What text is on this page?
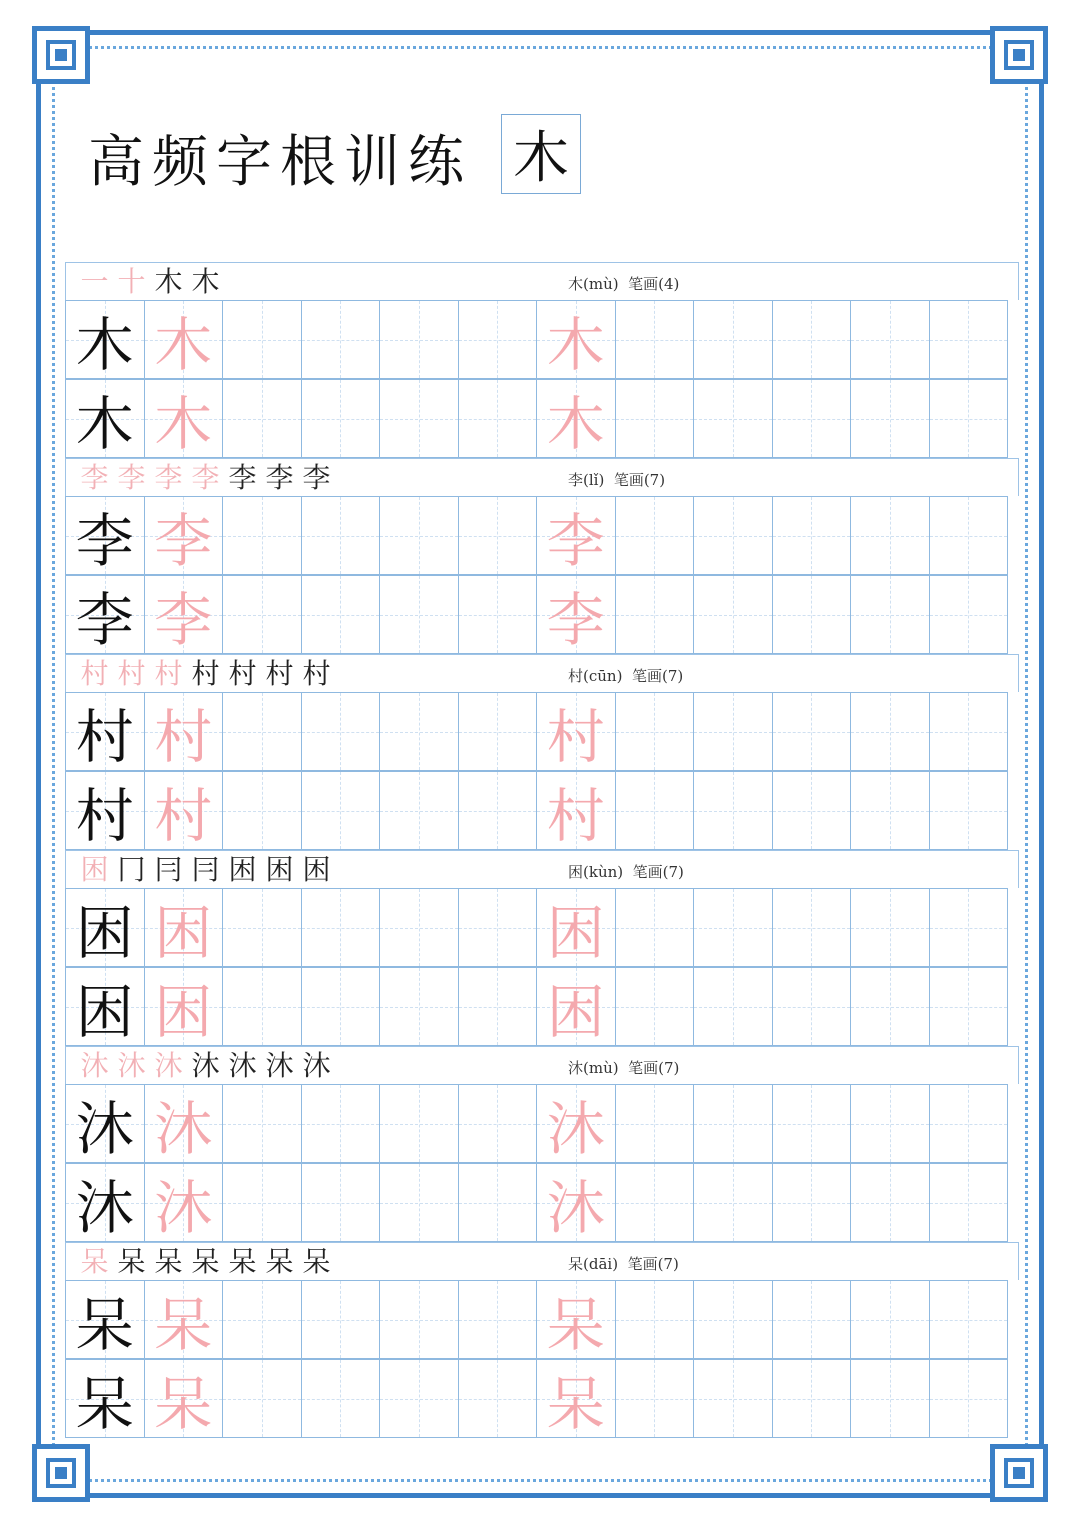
高频字根训练 木
一 十 木 木	木(mù)  笔画(4)
木 木	木
木 木	木
李 李 李 李 李 李 李	李(lǐ)  笔画(7)
李 李	李
李 李	李
村 村 村 村 村 村 村	村(cūn)  笔画(7)
村 村	村
村 村	村
困 冂 冃 冃 困 困 困	困(kùn)  笔画(7)
困 困	困
困 困	困
沐 沐 沐 沐 沐 沐 沐	沐(mù)  笔画(7)
沐 沐	沐
沐 沐	沐
呆 呆 呆 呆 呆 呆 呆	呆(dāi)  笔画(7)
呆 呆	呆
呆 呆	呆
